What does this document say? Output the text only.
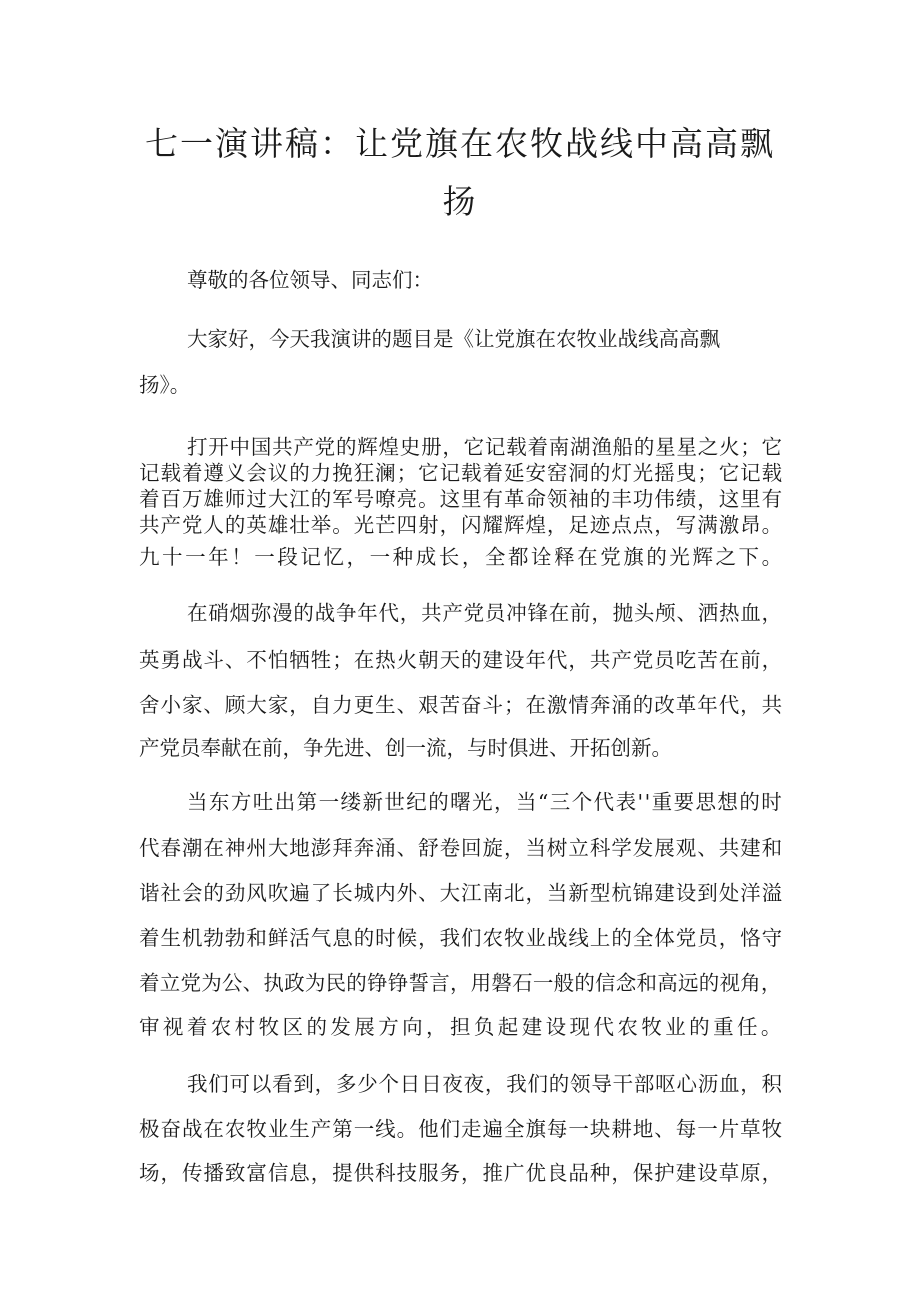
七一演讲稿：让党旗在农牧战线中高高飘
扬

尊敬的各位领导、同志们：

大家好，今天我演讲的题目是《让党旗在农牧业战线高高飘

扬》。

打开中国共产党的辉煌史册，它记载着南湖渔船的星星之火；它

记载着遵义会议的力挽狂澜；它记载着延安窑洞的灯光摇曳；它记载

着百万雄师过大江的军号嘹亮。这里有革命领袖的丰功伟绩，这里有

共产党人的英雄壮举。光芒四射，闪耀辉煌，足迹点点，写满激昂。

九十一年！一段记忆，一种成长，全都诠释在党旗的光辉之下。

在硝烟弥漫的战争年代，共产党员冲锋在前，抛头颅、洒热血，

英勇战斗、不怕牺牲；在热火朝天的建设年代，共产党员吃苦在前，

舍小家、顾大家，自力更生、艰苦奋斗；在激情奔涌的改革年代，共

产党员奉献在前，争先进、创一流，与时俱进、开拓创新。

当东方吐出第一缕新世纪的曙光，当“三个代表''重要思想的时

代春潮在神州大地澎拜奔涌、舒卷回旋，当树立科学发展观、共建和

谐社会的劲风吹遍了长城内外、大江南北，当新型杭锦建设到处洋溢

着生机勃勃和鲜活气息的时候，我们农牧业战线上的全体党员，恪守

着立党为公、执政为民的铮铮誓言，用磐石一般的信念和高远的视角，

审视着农村牧区的发展方向，担负起建设现代农牧业的重任。

我们可以看到，多少个日日夜夜，我们的领导干部呕心沥血，积

极奋战在农牧业生产第一线。他们走遍全旗每一块耕地、每一片草牧

场，传播致富信息，提供科技服务，推广优良品种，保护建设草原，
